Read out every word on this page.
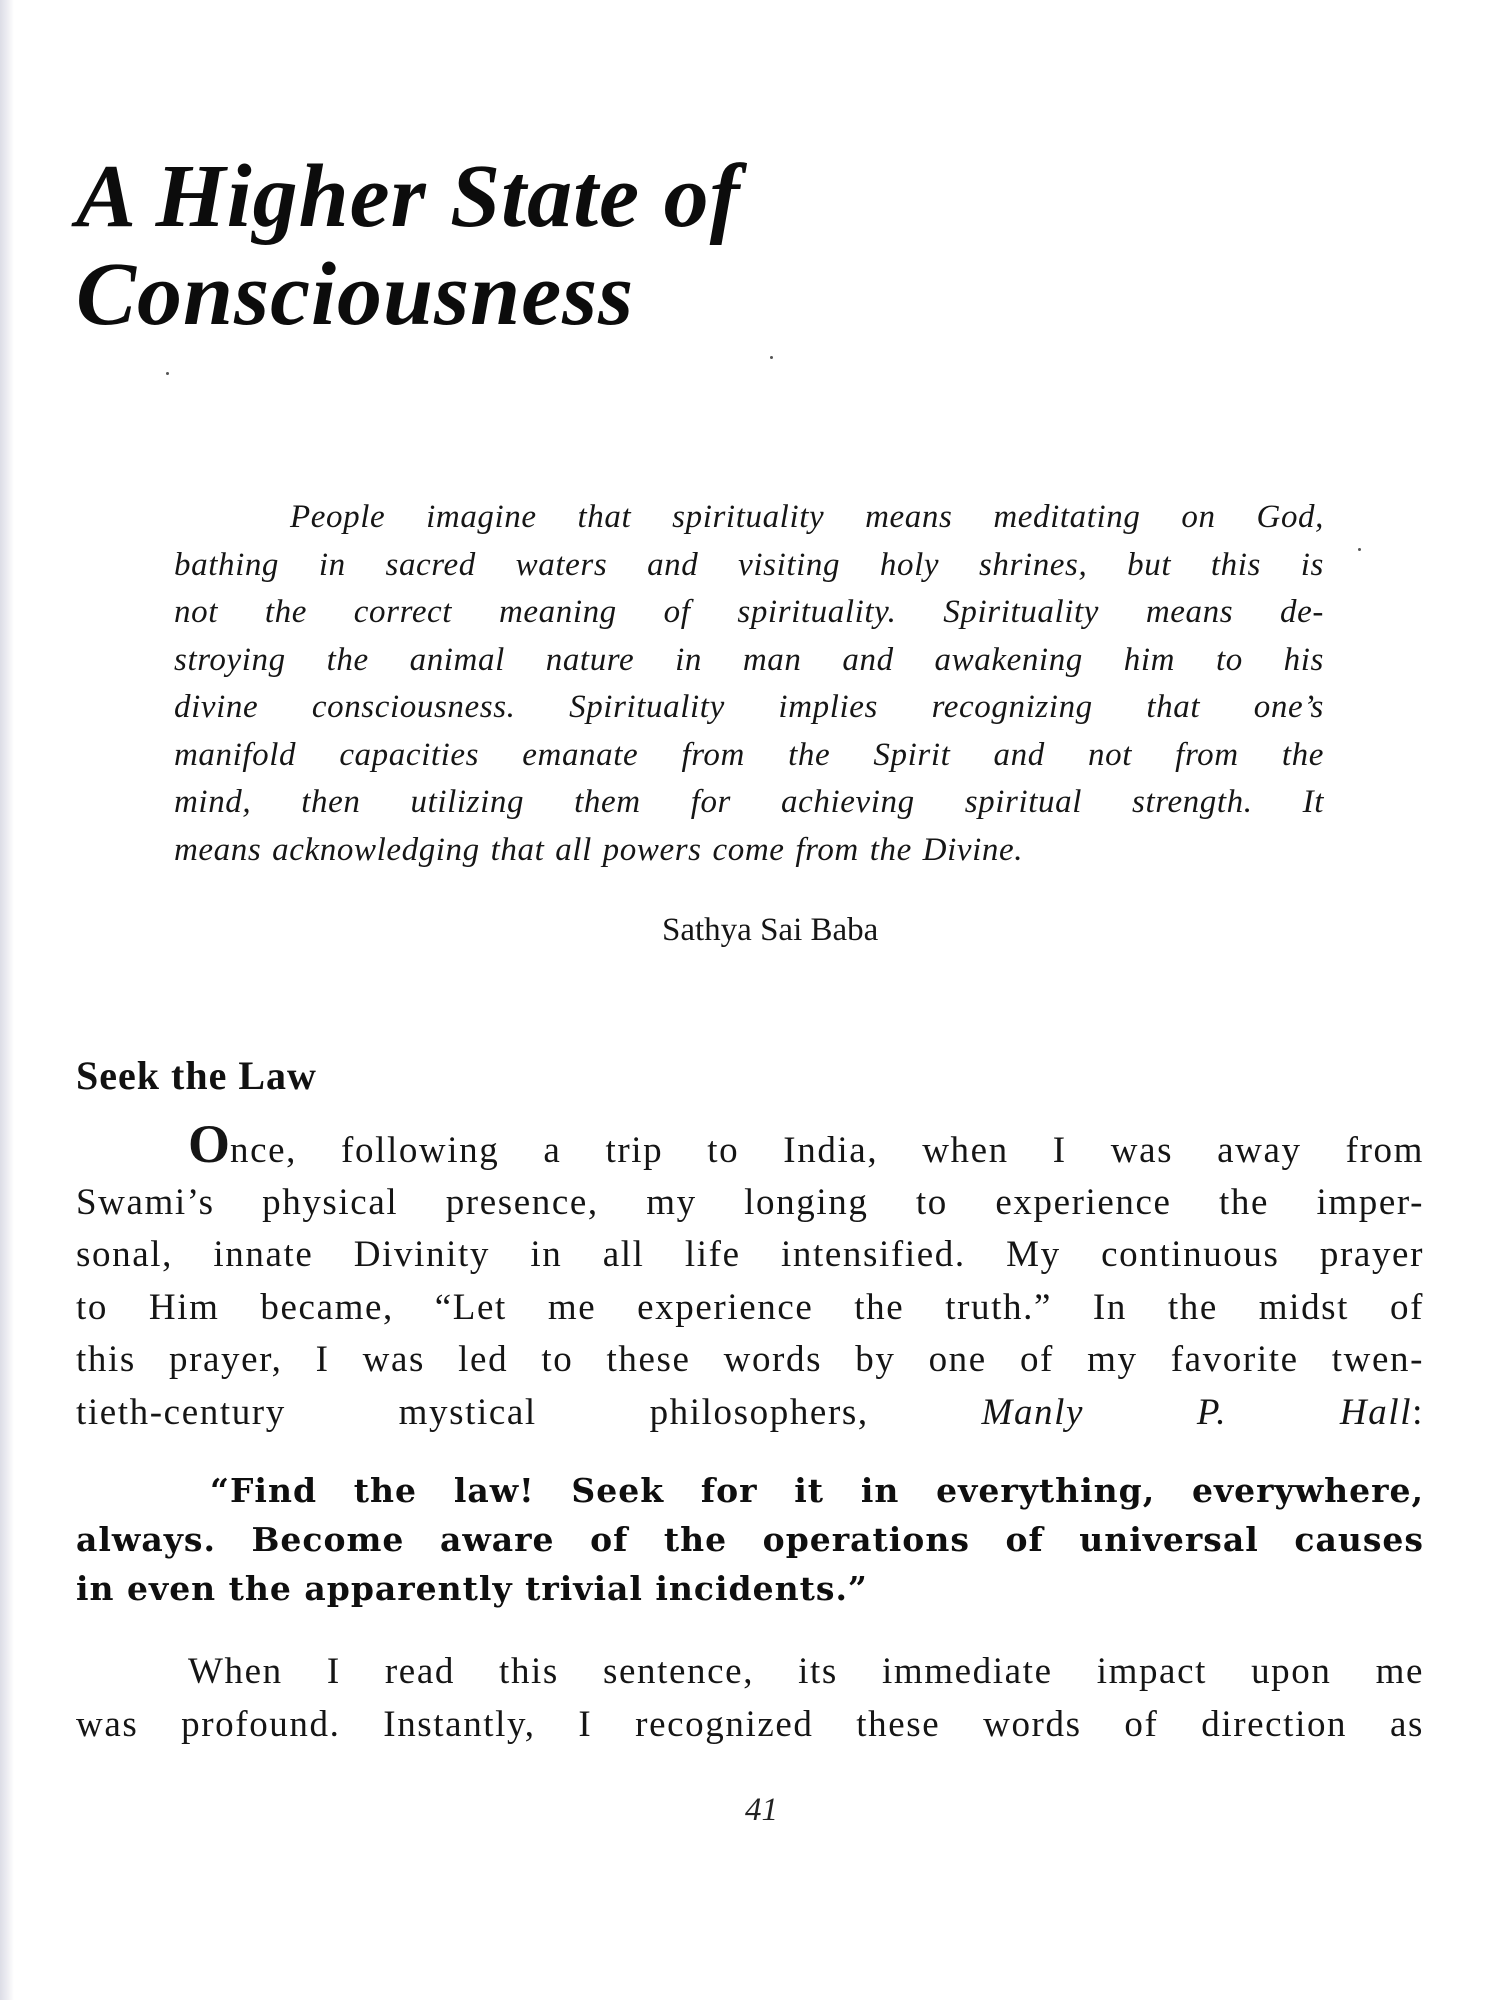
A Higher State of
Consciousness
People imagine that spirituality means meditating on God,
bathing in sacred waters and visiting holy shrines, but this is
not the correct meaning of spirituality. Spirituality means de-
stroying the animal nature in man and awakening him to his
divine consciousness. Spirituality implies recognizing that one’s
manifold capacities emanate from the Spirit and not from the
mind, then utilizing them for achieving spiritual strength. It
means acknowledging that all powers come from the Divine.

Sathya Sai Baba

Seek the Law
Once, following a trip to India, when I was away from
Swami’s physical presence, my longing to experience the imper-
sonal, innate Divinity in all life intensified. My continuous prayer
to Him became, “Let me experience the truth.” In the midst of
this prayer, I was led to these words by one of my favorite twen-
tieth-century mystical philosophers, Manly P. Hall:
“Find the law! Seek for it in everything, everywhere,
always. Become aware of the operations of universal causes
in even the apparently trivial incidents.”
When I read this sentence, its immediate impact upon me
was profound. Instantly, I recognized these words of direction as

41
